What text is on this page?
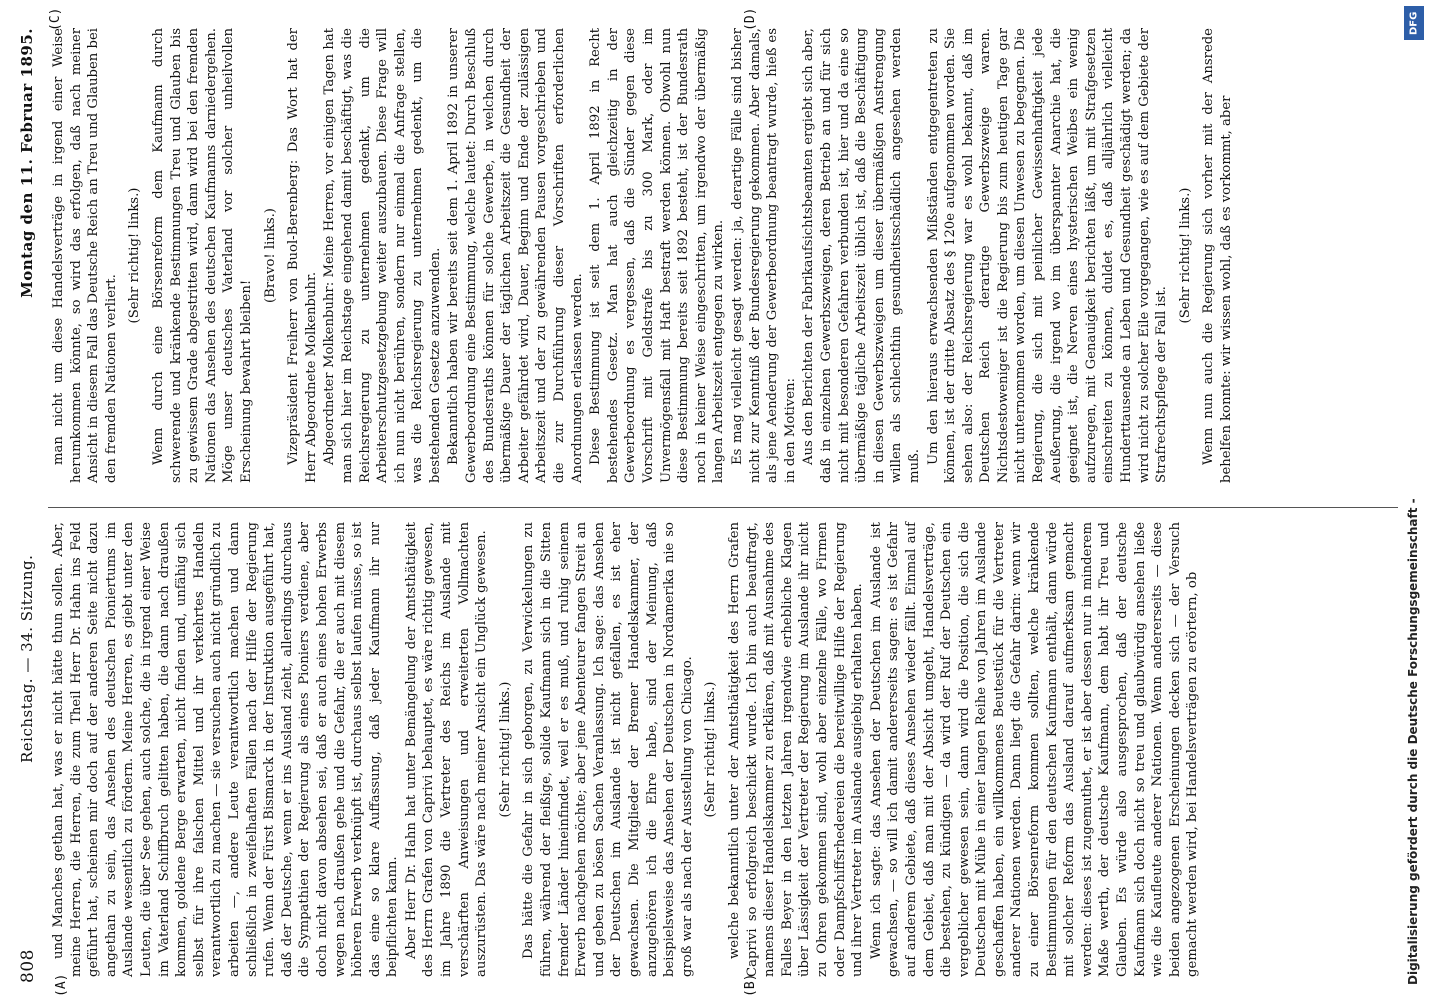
808
Reichstag. — 34. Sitzung.
Montag den 11. Februar 1895.
(A)	(B)
(C)	(D)

und Manches gethan hat, was er nicht hätte thun sollen. Aber, meine Herren, die Herren, die zum Theil Herr Dr. Hahn ins Feld geführt hat, scheinen mir doch auf der anderen Seite nicht dazu angethan zu sein, das Ansehen des deutschen Pioniertums im Auslande wesentlich zu fördern. Meine Herren, es giebt unter den Leuten, die über See gehen, auch solche, die in irgend einer Weise im Vaterland Schiffbruch gelitten haben, die dann nach draußen kommen, goldene Berge erwarten, nicht finden und, unfähig sich selbst für ihre falschen Mittel und ihr verkehrtes Handeln verantwortlich zu machen — sie versuchen auch nicht gründlich zu arbeiten —, andere Leute verantwortlich machen und dann schließlich in zweifelhaften Fällen nach der Hilfe der Regierung rufen. Wenn der Fürst Bismarck in der Instruktion ausgeführt hat, daß der Deutsche, wenn er ins Ausland zieht, allerdings durchaus die Sympathien der Regierung als eines Pioniers verdiene, aber doch nicht davon absehen sei, daß er auch eines hohen Erwerbs wegen nach draußen gehe und die Gefahr, die er auch mit diesem höheren Erwerb verknüpft ist, durchaus selbst laufen müsse, so ist das eine so klare Auffassung, daß jeder Kaufmann ihr nur beipflichten kann. Aber Herr Dr. Hahn hat unter Bemängelung der Amtsthätigkeit des Herrn Grafen von Caprivi behauptet, es wäre richtig gewesen, im Jahre 1890 die Vertreter des Reichs im Auslande mit verschärften Anweisungen und erweiterten Vollmachten auszurüsten. Das wäre nach meiner Ansicht ein Unglück gewesen. (Sehr richtig! links.) Das hätte die Gefahr in sich geborgen, zu Verwickelungen zu führen, während der fleißige, solide Kaufmann sich in die Sitten fremder Länder hineinfindet, weil er es muß, und ruhig seinem Erwerb nachgehen möchte; aber jene Abenteurer fangen Streit an und geben zu bösen Sachen Veranlassung. Ich sage: das Ansehen der Deutschen im Auslande ist nicht gefallen, es ist eher gewachsen. Die Mitglieder der Bremer Handelskammer, der anzugehören ich die Ehre habe, sind der Meinung, daß beispielsweise das Ansehen der Deutschen in Nordamerika nie so groß war als nach der Ausstellung von Chicago. (Sehr richtig! links.) welche bekanntlich unter der Amtsthätigkeit des Herrn Grafen Caprivi so erfolgreich beschickt wurde. Ich bin auch beauftragt, namens dieser Handelskammer zu erklären, daß mit Ausnahme des Falles Beyer in den letzten Jahren irgendwie erhebliche Klagen über Lässigkeit der Vertreter der Regierung im Auslande ihr nicht zu Ohren gekommen sind, wohl aber einzelne Fälle, wo Firmen oder Dampfschiffsrhedereien die bereitwillige Hilfe der Regierung und ihrer Vertreter im Auslande ausgiebig erhalten haben. Wenn ich sagte: das Ansehen der Deutschen im Auslande ist gewachsen, — so will ich damit andererseits sagen: es ist Gefahr auf anderem Gebiete, daß dieses Ansehen wieder fällt. Einmal auf dem Gebiet, daß man mit der Absicht umgeht, Handelsverträge, die bestehen, zu kündigen — da wird der Ruf der Deutschen ein vergeblicher gewesen sein, dann wird die Position, die sich die Deutschen mit Mühe in einer langen Reihe von Jahren im Auslande geschaffen haben, ein willkommenes Beutestück für die Vertreter anderer Nationen werden. Dann liegt die Gefahr darin: wenn wir zu einer Börsenreform kommen sollten, welche kränkende Bestimmungen für den deutschen Kaufmann enthält, dann würde mit solcher Reform das Ausland darauf aufmerksam gemacht werden: dieses ist zugemuthet, er ist aber dessen nur in minderem Maße werth, der deutsche Kaufmann, dem habt ihr Treu und Glauben. Es würde also ausgesprochen, daß der deutsche Kaufmann sich doch nicht so treu und glaubwürdig ansehen ließe wie die Kaufleute anderer Nationen. Wenn andererseits — diese beiden angezogenen Erscheinungen decken sich — der Versuch gemacht werden wird, bei Handelsverträgen zu erörtern, ob

man nicht um diese Handelsverträge in irgend einer Weise herumkommen könnte, so wird das erfolgen, daß nach meiner Ansicht in diesem Fall das Deutsche Reich an Treu und Glauben bei den fremden Nationen verliert.

(Sehr richtig! links.) Wenn durch eine Börsenreform dem Kaufmann durch schwerende und kränkende Bestimmungen Treu und Glauben bis zu gewissem Grade abgestritten wird, dann wird bei den fremden Nationen das Ansehen des deutschen Kaufmanns darniedergehen. Möge unser deutsches Vaterland vor solcher unheilvollen Erscheinung bewahrt bleiben!

(Bravo! links.) Vizepräsident Freiherr von Buol-Berenberg: Das Wort hat der Herr Abgeordnete Molkenbuhr. Abgeordneter Molkenbuhr: Meine Herren, vor einigen Tagen hat man sich hier im Reichstage eingehend damit beschäftigt, was die Reichsregierung zu unternehmen gedenkt, um die Arbeiterschutzgesetzgebung weiter auszubauen. Diese Frage will ich nun nicht berühren, sondern nur einmal die Anfrage stellen, was die Reichsregierung zu unternehmen gedenkt, um die bestehenden Gesetze anzuwenden. Bekanntlich haben wir bereits seit dem 1. April 1892 in unserer Gewerbeordnung eine Bestimmung, welche lautet: Durch Beschluß des Bundesraths können für solche Gewerbe, in welchen durch übermäßige Dauer der täglichen Arbeitszeit die Gesundheit der Arbeiter gefährdet wird, Dauer, Beginn und Ende der zulässigen Arbeitszeit und der zu gewährenden Pausen vorgeschrieben und die zur Durchführung dieser Vorschriften erforderlichen Anordnungen erlassen werden. Diese Bestimmung ist seit dem 1. April 1892 in Recht bestehendes Gesetz. Man hat auch gleichzeitig in der Gewerbeordnung es vergessen, daß die Sünder gegen diese Vorschrift mit Geldstrafe bis zu 300 Mark, oder im Unvermögensfall mit Haft bestraft werden können. Obwohl nun diese Bestimmung bereits seit 1892 besteht, ist der Bundesrath noch in keiner Weise eingeschritten, um irgendwo der übermäßig langen Arbeitszeit entgegen zu wirken. Es mag vielleicht gesagt werden: ja, derartige Fälle sind bisher nicht zur Kenntniß der Bundesregierung gekommen. Aber damals, als jene Aenderung der Gewerbeordnung beantragt wurde, hieß es in den Motiven: Aus den Berichten der Fabrikaufsichtsbeamten ergiebt sich aber, daß in einzelnen Gewerbszweigen, deren Betrieb an und für sich nicht mit besonderen Gefahren verbunden ist, hier und da eine so übermäßige tägliche Arbeitszeit üblich ist, daß die Beschäftigung in diesen Gewerbszweigen um dieser übermäßigen Anstrengung willen als schlechthin gesundheitsschädlich angesehen werden muß.

Um den hieraus erwachsenden Mißständen entgegentreten zu können, ist der dritte Absatz des § 120e aufgenommen worden. Sie sehen also: der Reichsregierung war es wohl bekannt, daß im Deutschen Reich derartige Gewerbszweige waren. Nichtsdestoweniger ist die Regierung bis zum heutigen Tage gar nicht unternommen worden, um diesen Unwesen zu begegnen. Die Regierung, die sich mit peinlicher Gewissenhaftigkeit jede Aeußerung, die irgend wo im überspannter Anarchie hat, die geeignet ist, die Nerven eines hysterischen Weibes ein wenig aufzuregen, mit Genauigkeit berichten läßt, um mit Strafgesetzen einschreiten zu können, duldet es, daß alljährlich vielleicht Hunderttausende an Leben und Gesundheit geschädigt werden; da wird nicht zu solcher Eile vorgegangen, wie es auf dem Gebiete der Strafrechtspflege der Fall ist.

(Sehr richtig! links.) Wenn nun auch die Regierung sich vorher mit der Ansrede behelfen konnte: wir wissen wohl, daß es vorkommt, aber

Digitalisierung gefördert durch die Deutsche Forschungsgemeinschaft -
DFG
